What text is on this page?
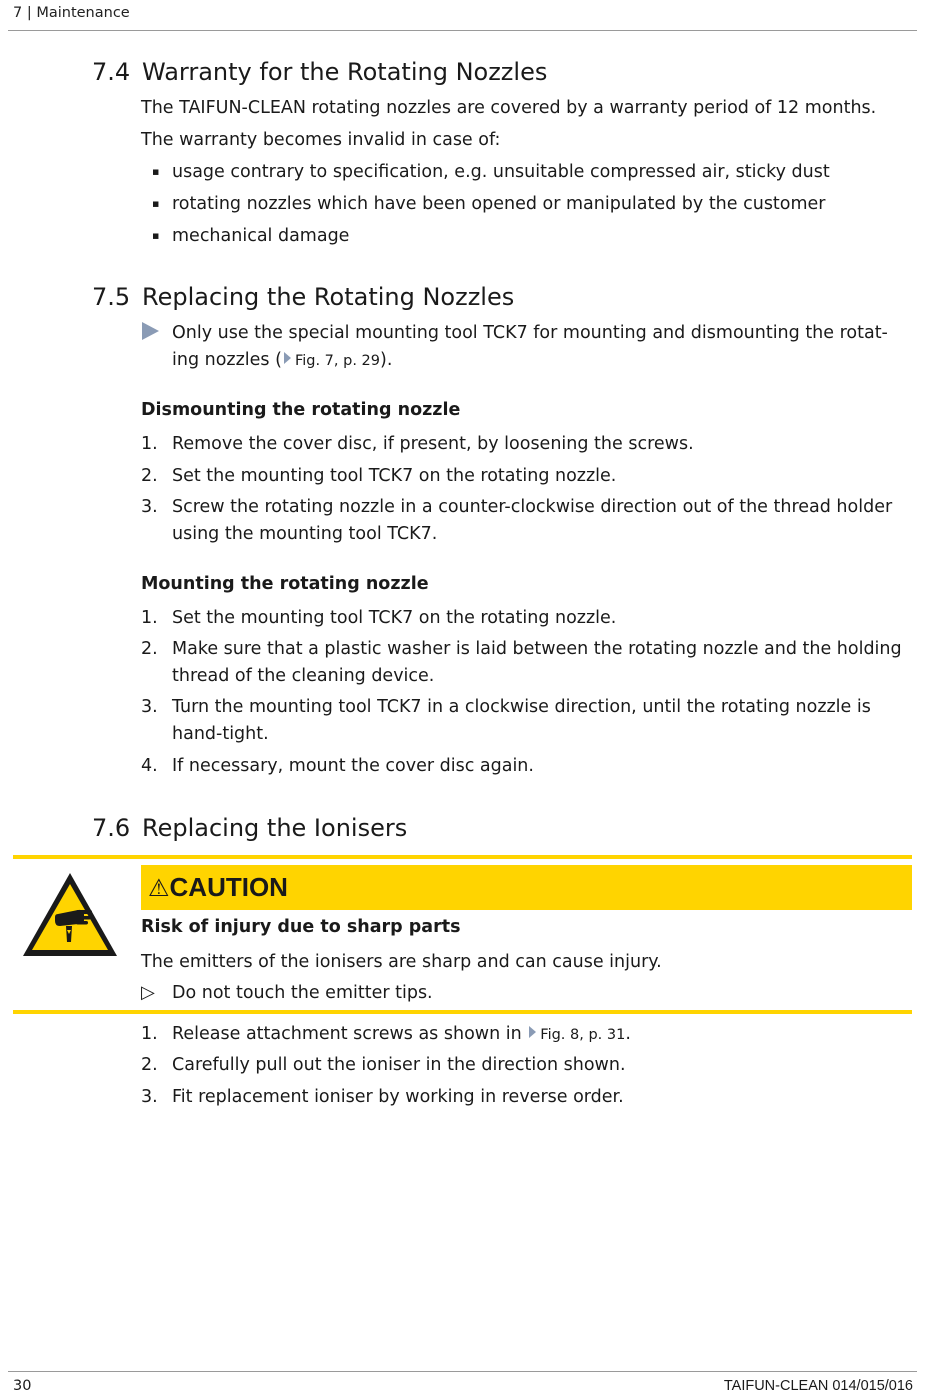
7 | Maintenance
7.4 Warranty for the Rotating Nozzles
The TAIFUN-CLEAN rotating nozzles are covered by a warranty period of 12 months.
The warranty becomes invalid in case of:
▪ usage contrary to specification, e.g. unsuitable compressed air, sticky dust
▪ rotating nozzles which have been opened or manipulated by the customer
▪ mechanical damage
7.5 Replacing the Rotating Nozzles
Only use the special mounting tool TCK7 for mounting and dismounting the rotat-
ing nozzles ( Fig. 7, p. 29).
Dismounting the rotating nozzle
1. Remove the cover disc, if present, by loosening the screws.
2. Set the mounting tool TCK7 on the rotating nozzle.
3. Screw the rotating nozzle in a counter-clockwise direction out of the thread holder
using the mounting tool TCK7.
Mounting the rotating nozzle
1. Set the mounting tool TCK7 on the rotating nozzle.
2. Make sure that a plastic washer is laid between the rotating nozzle and the holding
thread of the cleaning device.
3. Turn the mounting tool TCK7 in a clockwise direction, until the rotating nozzle is
hand-tight.
4. If necessary, mount the cover disc again.
7.6 Replacing the Ionisers
⚠CAUTION
Risk of injury due to sharp parts
The emitters of the ionisers are sharp and can cause injury.
▷ Do not touch the emitter tips.
1. Release attachment screws as shown in Fig. 8, p. 31.
2. Carefully pull out the ioniser in the direction shown.
3. Fit replacement ioniser by working in reverse order.
30	TAIFUN-CLEAN 014/015/016
